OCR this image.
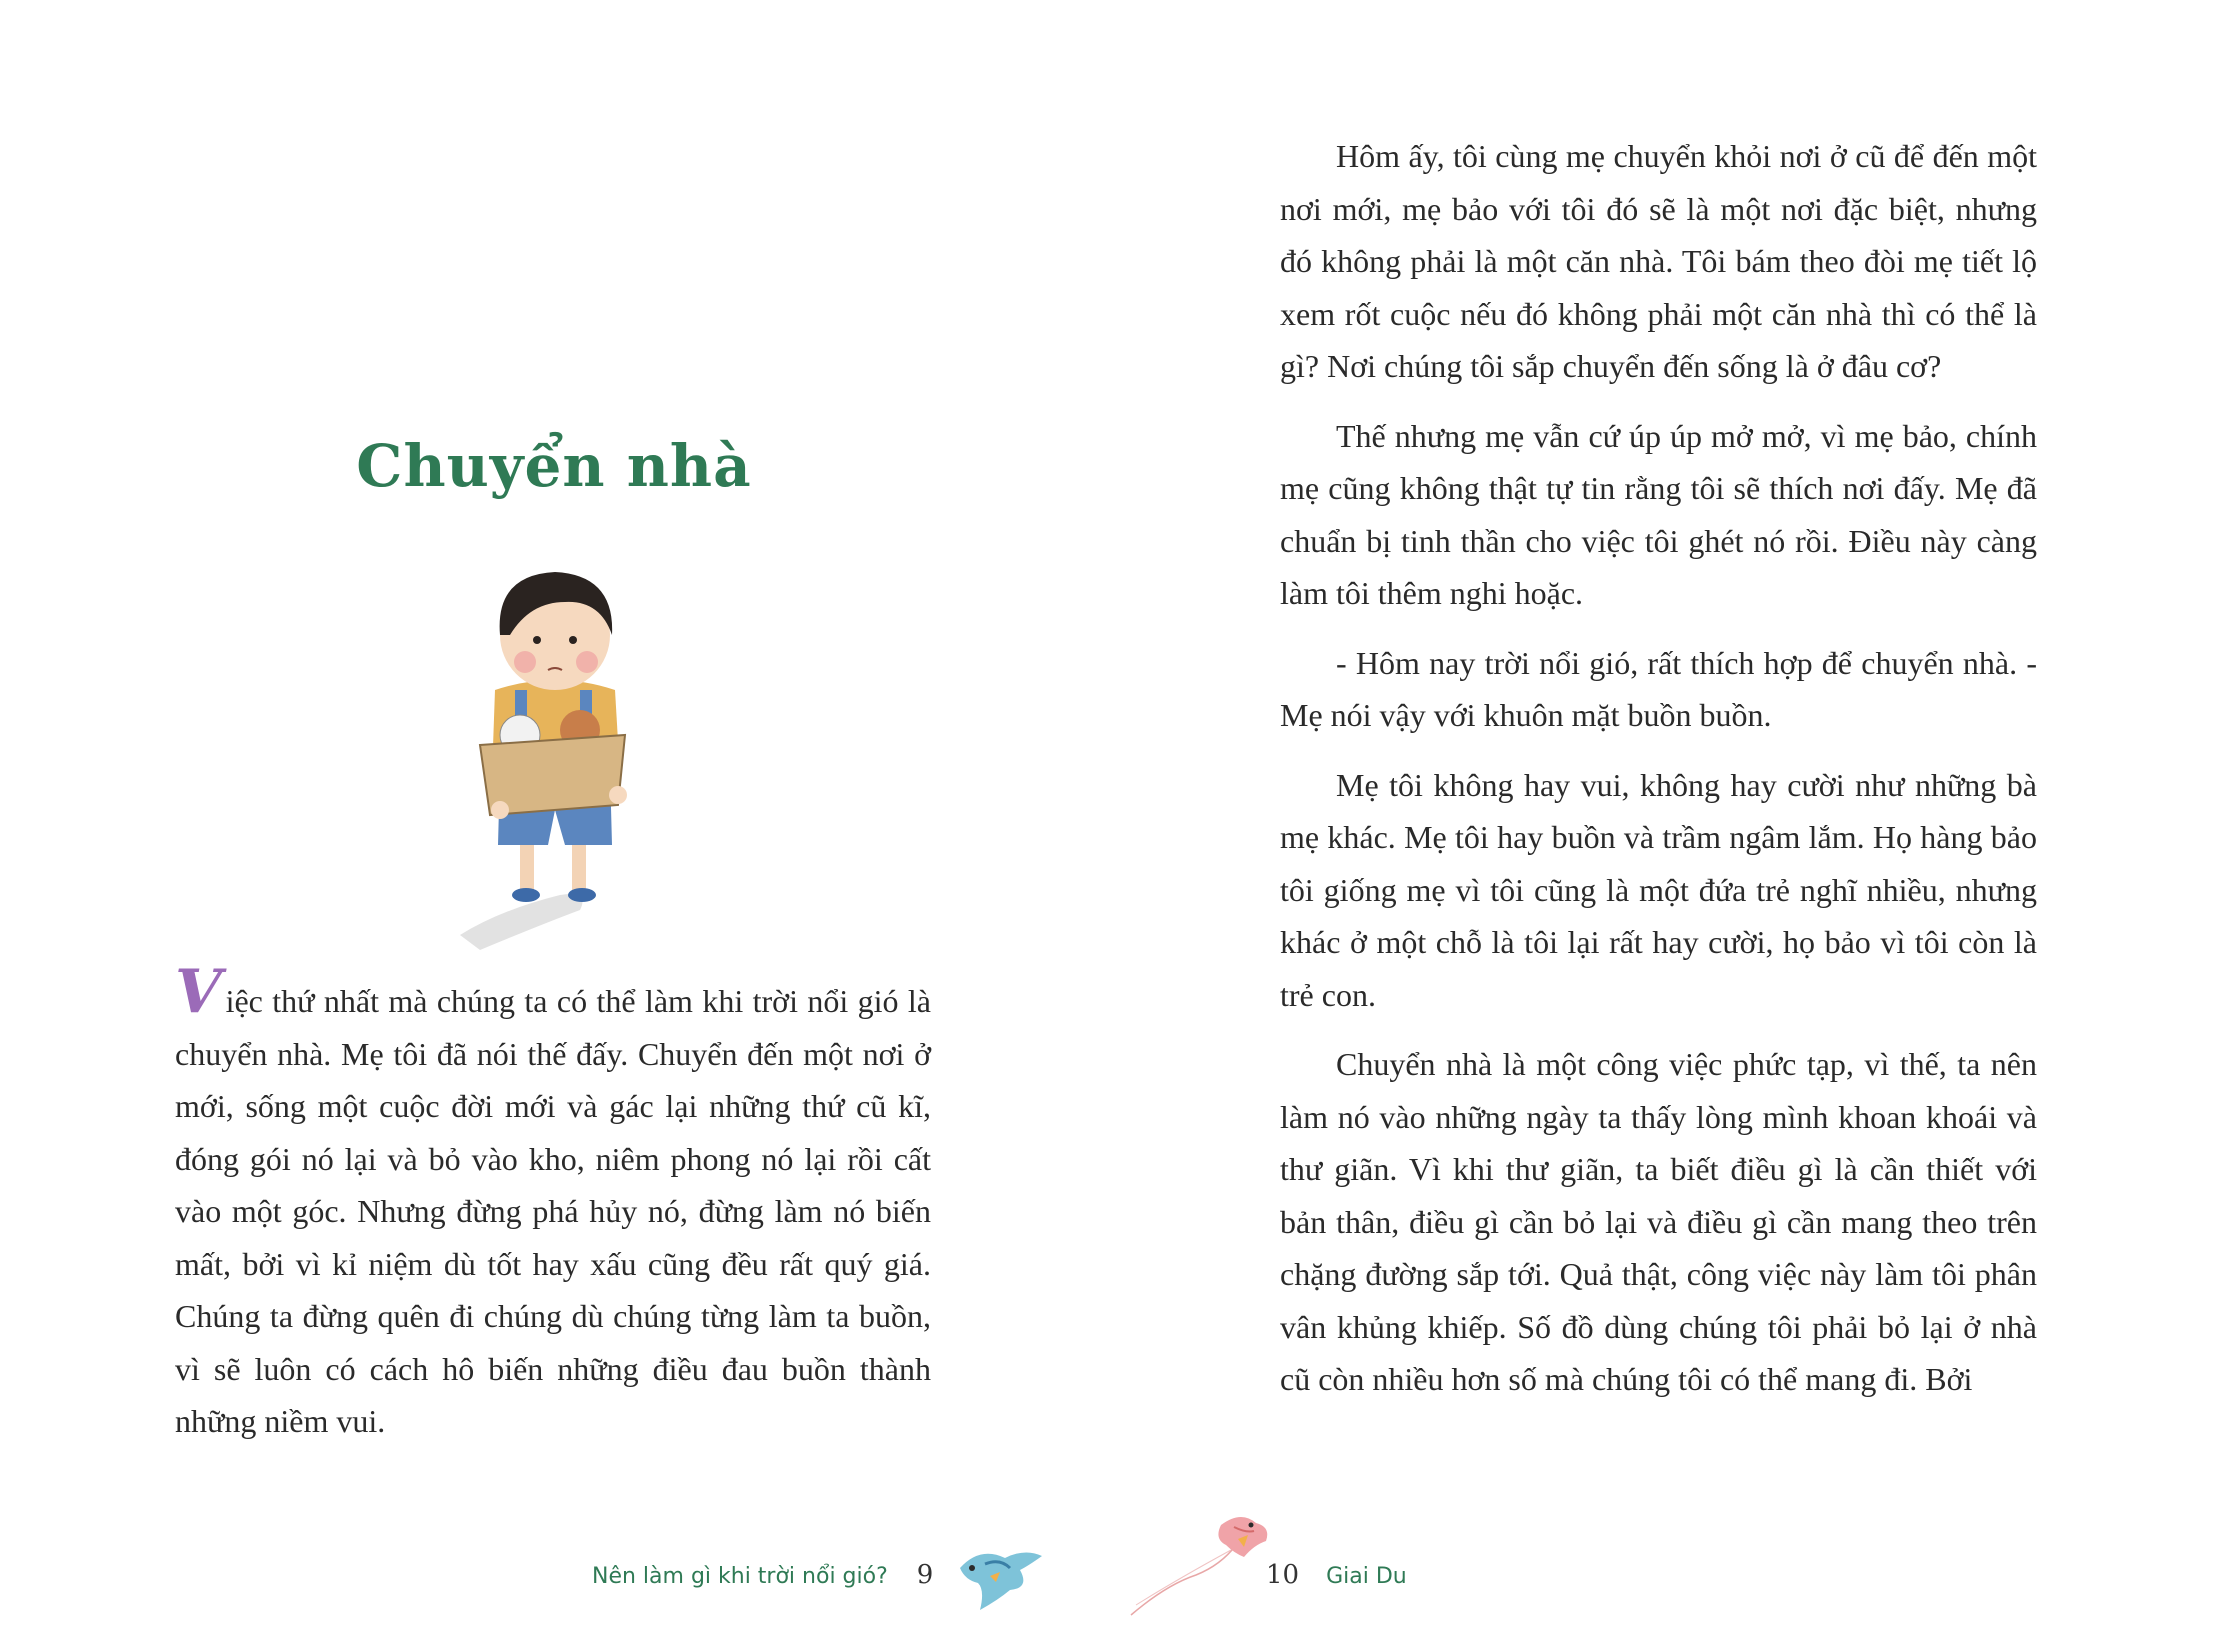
Chuyển nhà

Việc thứ nhất mà chúng ta có thể làm khi trời nổi gió là chuyển nhà. Mẹ tôi đã nói thế đấy. Chuyển đến một nơi ở mới, sống một cuộc đời mới và gác lại những thứ cũ kĩ, đóng gói nó lại và bỏ vào kho, niêm phong nó lại rồi cất vào một góc. Nhưng đừng phá hủy nó, đừng làm nó biến mất, bởi vì kỉ niệm dù tốt hay xấu cũng đều rất quý giá. Chúng ta đừng quên đi chúng dù chúng từng làm ta buồn, vì sẽ luôn có cách hô biến những điều đau buồn thành những niềm vui.

Nên làm gì khi trời nổi gió? 9

Hôm ấy, tôi cùng mẹ chuyển khỏi nơi ở cũ để đến một nơi mới, mẹ bảo với tôi đó sẽ là một nơi đặc biệt, nhưng đó không phải là một căn nhà. Tôi bám theo đòi mẹ tiết lộ xem rốt cuộc nếu đó không phải một căn nhà thì có thể là gì? Nơi chúng tôi sắp chuyển đến sống là ở đâu cơ?

Thế nhưng mẹ vẫn cứ úp úp mở mở, vì mẹ bảo, chính mẹ cũng không thật tự tin rằng tôi sẽ thích nơi đấy. Mẹ đã chuẩn bị tinh thần cho việc tôi ghét nó rồi. Điều này càng làm tôi thêm nghi hoặc.

- Hôm nay trời nổi gió, rất thích hợp để chuyển nhà. - Mẹ nói vậy với khuôn mặt buồn buồn.

Mẹ tôi không hay vui, không hay cười như những bà mẹ khác. Mẹ tôi hay buồn và trầm ngâm lắm. Họ hàng bảo tôi giống mẹ vì tôi cũng là một đứa trẻ nghĩ nhiều, nhưng khác ở một chỗ là tôi lại rất hay cười, họ bảo vì tôi còn là trẻ con.

Chuyển nhà là một công việc phức tạp, vì thế, ta nên làm nó vào những ngày ta thấy lòng mình khoan khoái và thư giãn. Vì khi thư giãn, ta biết điều gì là cần thiết với bản thân, điều gì cần bỏ lại và điều gì cần mang theo trên chặng đường sắp tới. Quả thật, công việc này làm tôi phân vân khủng khiếp. Số đồ dùng chúng tôi phải bỏ lại ở nhà cũ còn nhiều hơn số mà chúng tôi có thể mang đi. Bởi

10 Giai Du
